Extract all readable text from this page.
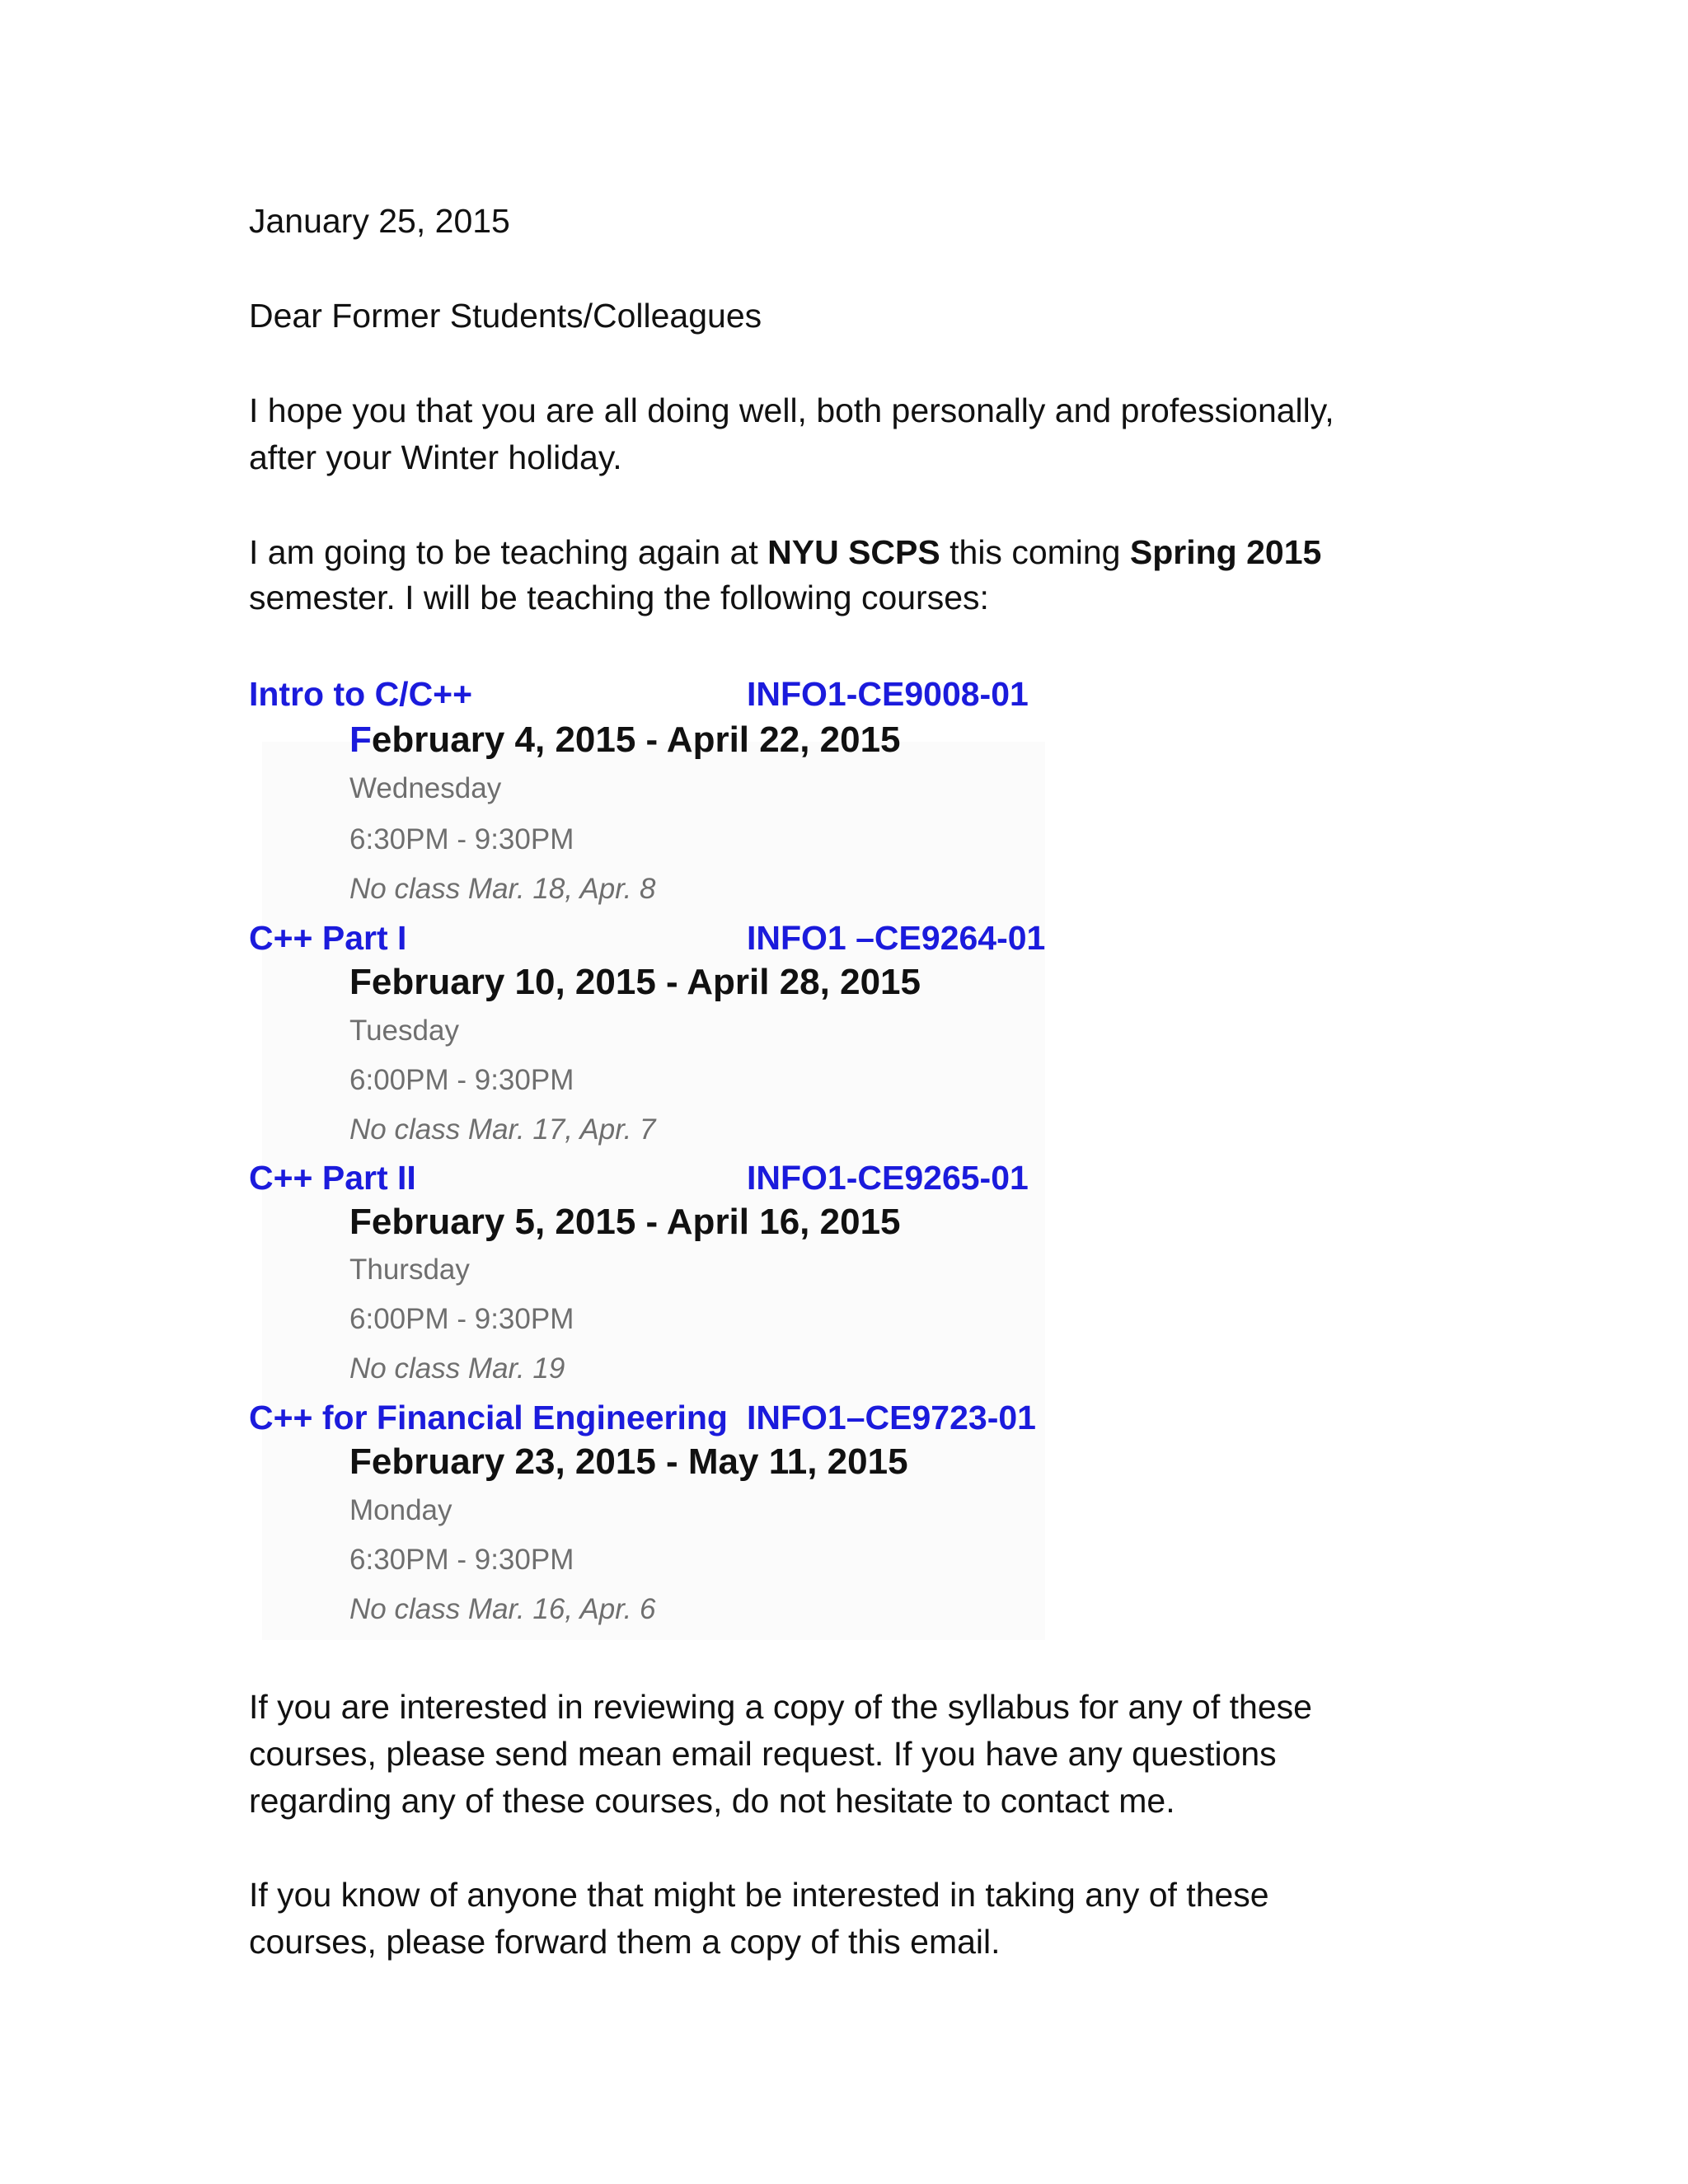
January 25, 2015
Dear Former Students/Colleagues
I hope you that you are all doing well, both personally and professionally,
after your Winter holiday.
I am going to be teaching again at NYU SCPS this coming Spring 2015
semester. I will be teaching the following courses:
Intro to C/C++	INFO1-CE9008-01
February 4, 2015 - April 22, 2015
Wednesday
6:30PM - 9:30PM
No class Mar. 18, Apr. 8
C++ Part I	INFO1 –CE9264-01
February 10, 2015 - April 28, 2015
Tuesday
6:00PM - 9:30PM
No class Mar. 17, Apr. 7
C++ Part II	INFO1-CE9265-01
February 5, 2015 - April 16, 2015
Thursday
6:00PM - 9:30PM
No class Mar. 19
C++ for Financial Engineering INFO1–CE9723-01
February 23, 2015 - May 11, 2015
Monday
6:30PM - 9:30PM
No class Mar. 16, Apr. 6
If you are interested in reviewing a copy of the syllabus for any of these
courses, please send mean email request. If you have any questions
regarding any of these courses, do not hesitate to contact me.
If you know of anyone that might be interested in taking any of these
courses, please forward them a copy of this email.
